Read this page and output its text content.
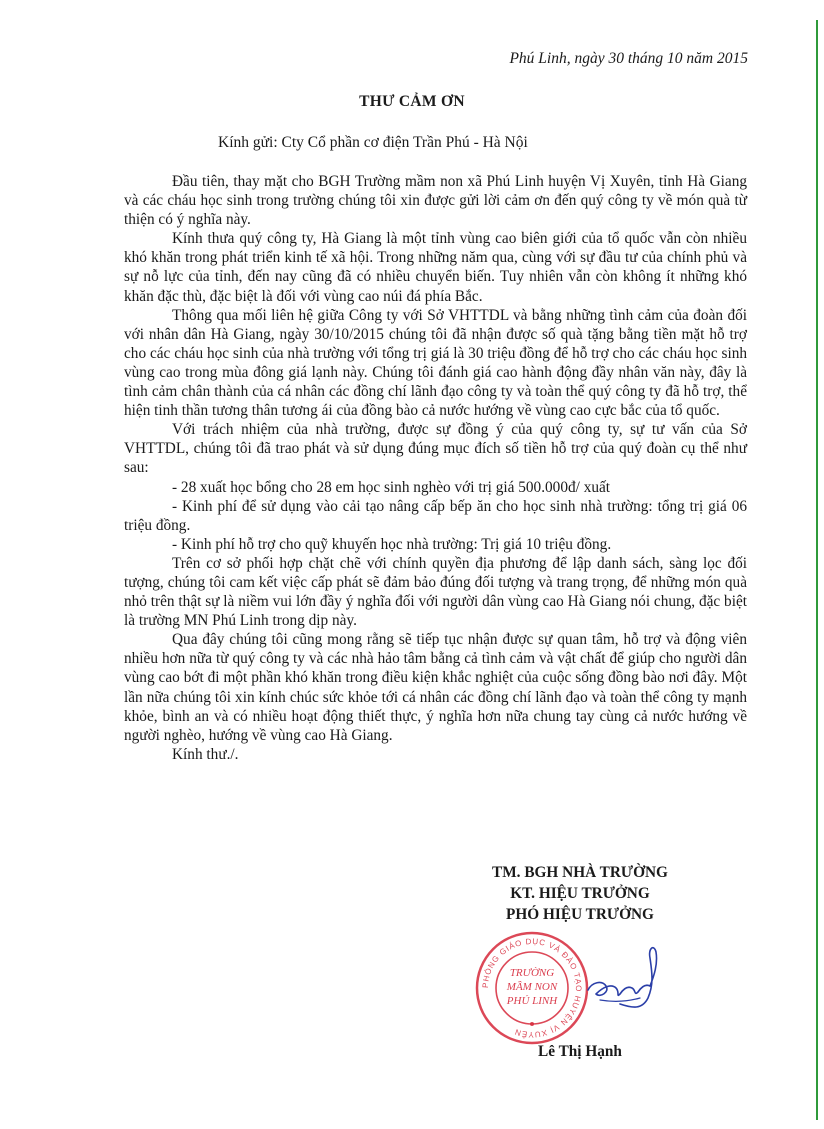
Phú Linh, ngày 30 tháng 10 năm 2015
THƯ CẢM ƠN
Kính gửi: Cty Cổ phần cơ điện Trần Phú - Hà Nội

Đầu tiên, thay mặt cho BGH Trường mầm non xã Phú Linh huyện Vị Xuyên, tỉnh Hà Giang và các cháu học sinh trong trường chúng tôi xin được gửi lời cảm ơn đến quý công ty về món quà từ thiện có ý nghĩa này.

Kính thưa quý công ty, Hà Giang là một tỉnh vùng cao biên giới của tổ quốc vẫn còn nhiều khó khăn trong phát triển kinh tế xã hội. Trong những năm qua, cùng với sự đầu tư của chính phủ và sự nỗ lực của tỉnh, đến nay cũng đã có nhiều chuyển biến. Tuy nhiên vẫn còn không ít những khó khăn đặc thù, đặc biệt là đối với vùng cao núi đá phía Bắc.

Thông qua mối liên hệ giữa Công ty với Sở VHTTDL và bằng những tình cảm của đoàn đối với nhân dân Hà Giang, ngày 30/10/2015 chúng tôi đã nhận được số quà tặng bằng tiền mặt hỗ trợ cho các cháu học sinh của nhà trường với tổng trị giá là 30 triệu đồng để hỗ trợ cho các cháu học sinh vùng cao trong mùa đông giá lạnh này. Chúng tôi đánh giá cao hành động đầy nhân văn này, đây là tình cảm chân thành của cá nhân các đồng chí lãnh đạo công ty và toàn thể quý công ty đã hỗ trợ, thể hiện tinh thần tương thân tương ái của đồng bào cả nước hướng về vùng cao cực bắc của tổ quốc.

Với trách nhiệm của nhà trường, được sự đồng ý của quý công ty, sự tư vấn của Sở VHTTDL, chúng tôi đã trao phát và sử dụng đúng mục đích số tiền hỗ trợ của quý đoàn cụ thể như sau:

- 28 xuất học bổng cho 28 em học sinh nghèo với trị giá 500.000đ/ xuất

- Kinh phí để sử dụng vào cải tạo nâng cấp bếp ăn cho học sinh nhà trường: tổng trị giá 06 triệu đồng.

- Kinh phí hỗ trợ cho quỹ khuyến học nhà trường: Trị giá 10 triệu đồng.

Trên cơ sở phối hợp chặt chẽ với chính quyền địa phương để lập danh sách, sàng lọc đối tượng, chúng tôi cam kết việc cấp phát sẽ đảm bảo đúng đối tượng và trang trọng, để những món quà nhỏ trên thật sự là niềm vui lớn đầy ý nghĩa đối với người dân vùng cao Hà Giang nói chung, đặc biệt là trường MN Phú Linh trong dịp này.

Qua đây chúng tôi cũng mong rằng sẽ tiếp tục nhận được sự quan tâm, hỗ trợ và động viên nhiều hơn nữa từ quý công ty và các nhà hảo tâm bằng cả tình cảm và vật chất để giúp cho người dân vùng cao bớt đi một phần khó khăn trong điều kiện khắc nghiệt của cuộc sống đồng bào nơi đây. Một lần nữa chúng tôi xin kính chúc sức khỏe tới cá nhân các đồng chí lãnh đạo và toàn thể công ty mạnh khỏe, bình an và có nhiều hoạt động thiết thực, ý nghĩa hơn nữa chung tay cùng cả nước hướng về người nghèo, hướng về vùng cao Hà Giang.

Kính thư./.

TM. BGH NHÀ TRƯỜNG
KT. HIỆU TRƯỞNG
PHÓ HIỆU TRƯỞNG
PHÒNG GIÁO DỤC VÀ ĐÀO TẠO HUYỆN VỊ XUYÊN
TRƯỜNG
MẦM NON
PHÚ LINH
Lê Thị Hạnh
